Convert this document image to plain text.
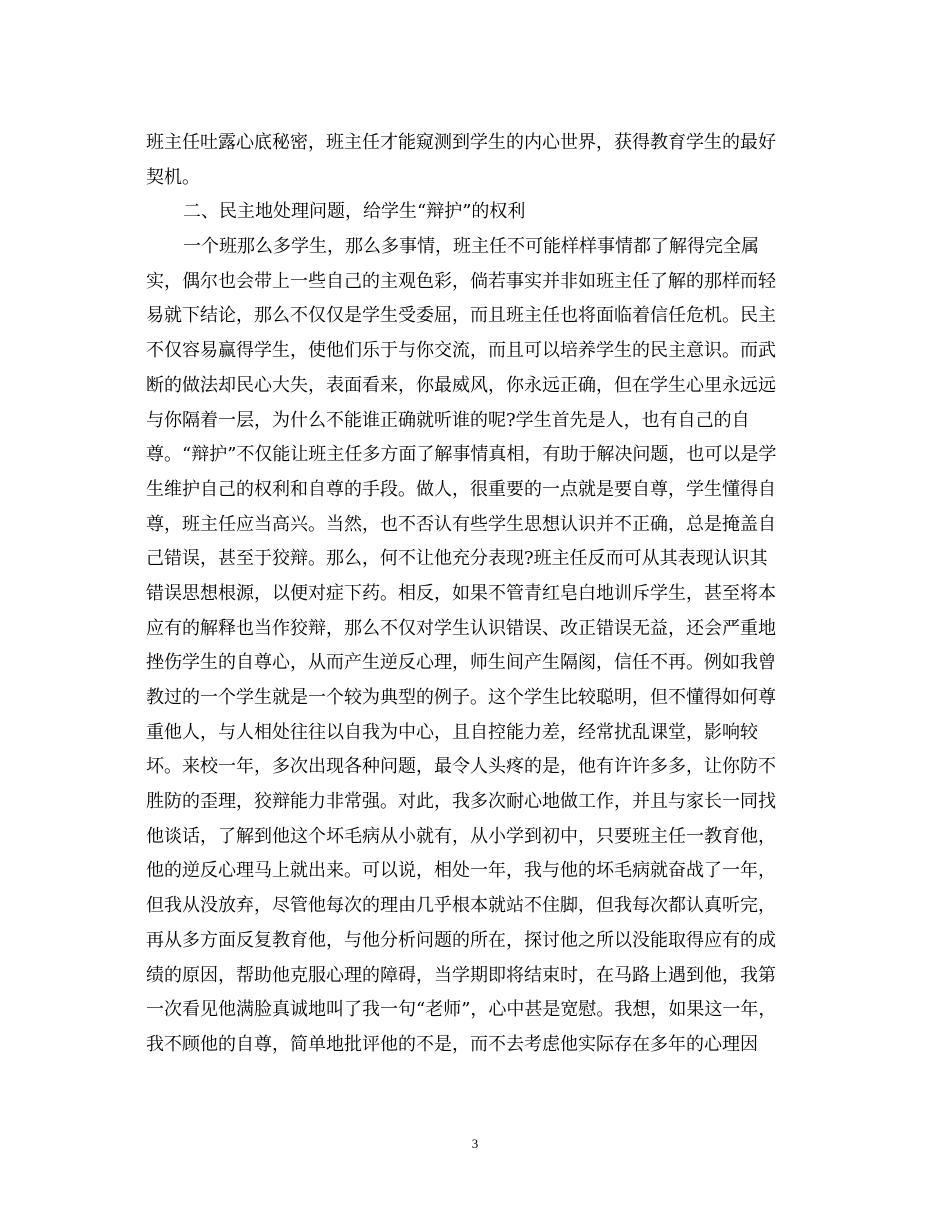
班主任吐露心底秘密，班主任才能窥测到学生的内心世界，获得教育学生的最好
契机。
二、民主地处理问题，给学生“辩护”的权利
一个班那么多学生，那么多事情，班主任不可能样样事情都了解得完全属
实，偶尔也会带上一些自己的主观色彩，倘若事实并非如班主任了解的那样而轻
易就下结论，那么不仅仅是学生受委屈，而且班主任也将面临着信任危机。民主
不仅容易赢得学生，使他们乐于与你交流，而且可以培养学生的民主意识。而武
断的做法却民心大失，表面看来，你最威风，你永远正确，但在学生心里永远远
与你隔着一层，为什么不能谁正确就听谁的呢?学生首先是人，也有自己的自
尊。“辩护”不仅能让班主任多方面了解事情真相，有助于解决问题，也可以是学
生维护自己的权利和自尊的手段。做人，很重要的一点就是要自尊，学生懂得自
尊，班主任应当高兴。当然，也不否认有些学生思想认识并不正确，总是掩盖自
己错误，甚至于狡辩。那么，何不让他充分表现?班主任反而可从其表现认识其
错误思想根源，以便对症下药。相反，如果不管青红皂白地训斥学生，甚至将本
应有的解释也当作狡辩，那么不仅对学生认识错误、改正错误无益，还会严重地
挫伤学生的自尊心，从而产生逆反心理，师生间产生隔阂，信任不再。例如我曾
教过的一个学生就是一个较为典型的例子。这个学生比较聪明，但不懂得如何尊
重他人，与人相处往往以自我为中心，且自控能力差，经常扰乱课堂，影响较
坏。来校一年，多次出现各种问题，最令人头疼的是，他有许许多多，让你防不
胜防的歪理，狡辩能力非常强。对此，我多次耐心地做工作，并且与家长一同找
他谈话，了解到他这个坏毛病从小就有，从小学到初中，只要班主任一教育他，
他的逆反心理马上就出来。可以说，相处一年，我与他的坏毛病就奋战了一年，
但我从没放弃，尽管他每次的理由几乎根本就站不住脚，但我每次都认真听完，
再从多方面反复教育他，与他分析问题的所在，探讨他之所以没能取得应有的成
绩的原因，帮助他克服心理的障碍，当学期即将结束时，在马路上遇到他，我第
一次看见他满脸真诚地叫了我一句“老师”，心中甚是宽慰。我想，如果这一年，
我不顾他的自尊，简单地批评他的不是，而不去考虑他实际存在多年的心理因
3
